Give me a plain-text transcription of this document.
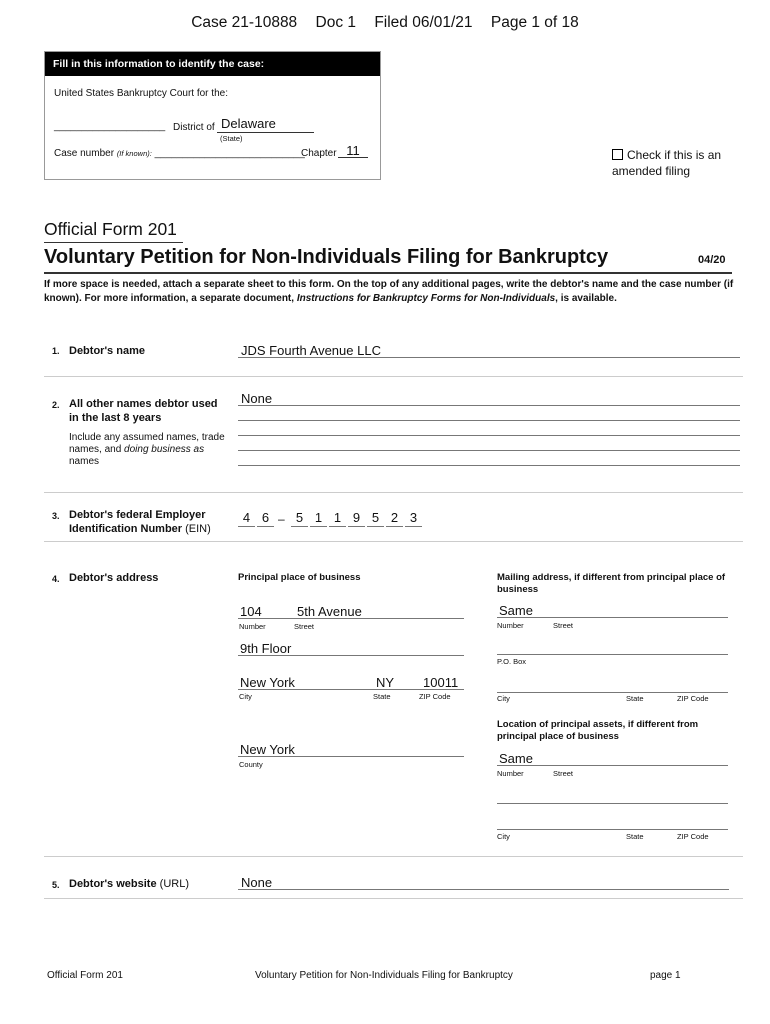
Case 21-10888 Doc 1 Filed 06/01/21 Page 1 of 18
Fill in this information to identify the case:
United States Bankruptcy Court for the:
____________________ District of Delaware
(State)
Case number (If known): ___________________________
Chapter 11	Check if this is an amended filing
Official Form 201
Voluntary Petition for Non-Individuals Filing for Bankruptcy	04/20
If more space is needed, attach a separate sheet to this form. On the top of any additional pages, write the debtor's name and the case number (if known). For more information, a separate document, Instructions for Bankruptcy Forms for Non-Individuals, is available.
1. Debtor's name	JDS Fourth Avenue LLC
2. All other names debtor used
in the last 8 years
Include any assumed names, trade names, and doing business as names
None
3. Debtor's federal Employer
Identification Number (EIN)
4 6 – 5 1 1 9 5 2 3
4. Debtor's address	Principal place of business	Mailing address, if different from principal place of business
104	5th Avenue
Number	Street
9th Floor
New York	NY 10011
City	State	ZIP Code
New York
County
Same
Number	Street
P.O. Box
City	State	ZIP Code
Location of principal assets, if different from principal place of business
Same
Number	Street
City	State	ZIP Code
5. Debtor's website (URL)	None
Official Form 201	Voluntary Petition for Non-Individuals Filing for Bankruptcy	page 1
